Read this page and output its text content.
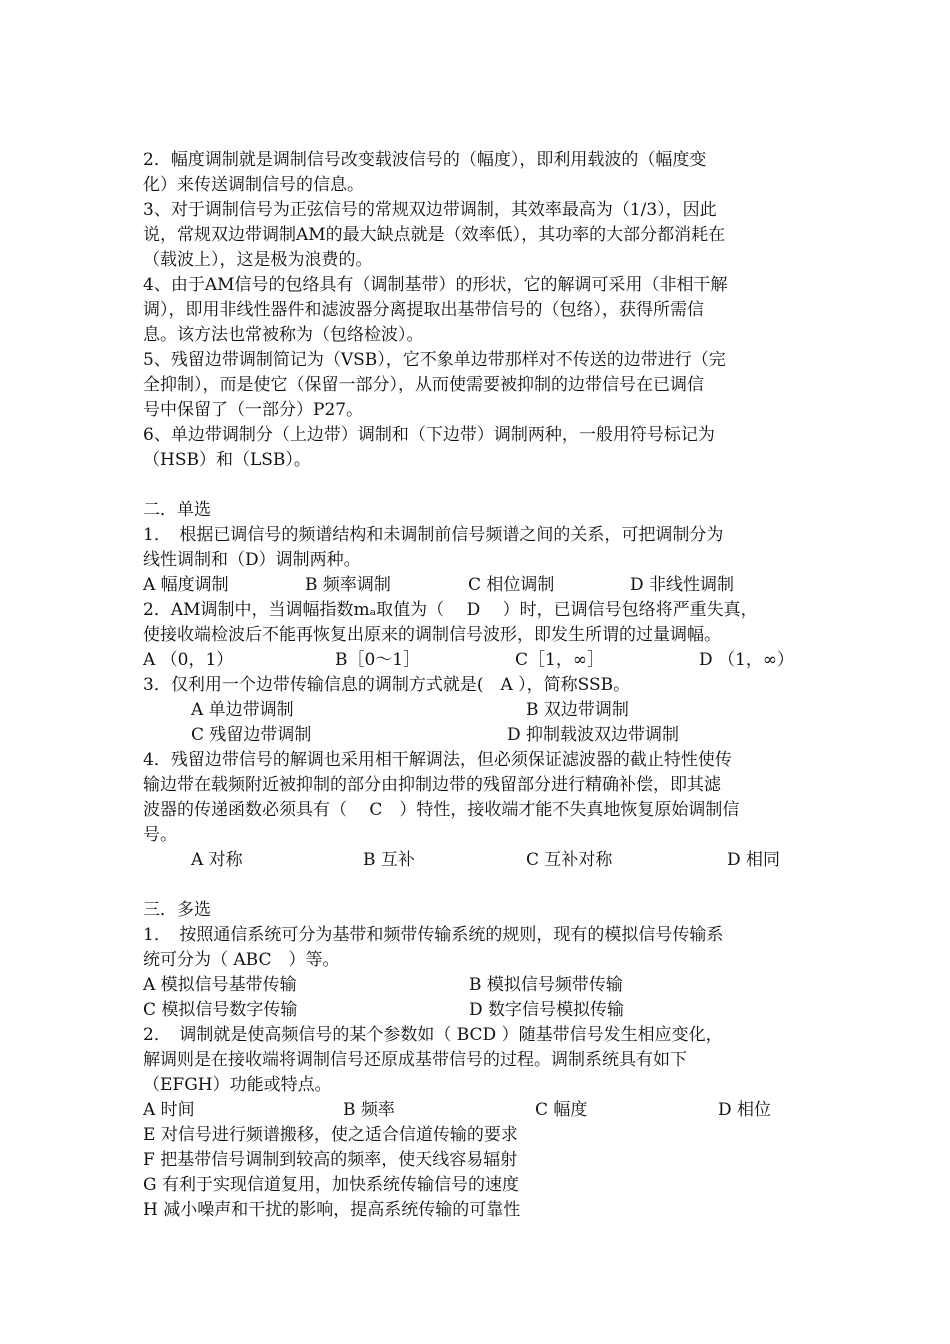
2．幅度调制就是调制信号改变载波信号的（幅度），即利用载波的（幅度变
化）来传送调制信号的信息。
3、对于调制信号为正弦信号的常规双边带调制，其效率最高为（1/3），因此
说，常规双边带调制AM的最大缺点就是（效率低），其功率的大部分都消耗在
（载波上），这是极为浪费的。
4、由于AM信号的包络具有（调制基带）的形状，它的解调可采用（非相干解
调），即用非线性器件和滤波器分离提取出基带信号的（包络），获得所需信
息。该方法也常被称为（包络检波）。
5、残留边带调制简记为（VSB），它不象单边带那样对不传送的边带进行（完
全抑制），而是使它（保留一部分），从而使需要被抑制的边带信号在已调信
号中保留了（一部分）P27。
6、单边带调制分（上边带）调制和（下边带）调制两种，一般用符号标记为
（HSB）和（LSB）。
二．单选
1．　根据已调信号的频谱结构和未调制前信号频谱之间的关系，可把调制分为
线性调制和（D）调制两种。

A 幅度调制

	B 频率调制

	C 相位调制

	D 非线性调制

2．AM调制中，当调幅指数mₐ取值为（　 D　 ）时，已调信号包络将严重失真，
使接收端检波后不能再恢复出原来的调制信号波形，即发生所谓的过量调幅。

A （0，1）

	B［0～1］

	C［1，∞］

	D （1，∞）

3．仅利用一个边带传输信息的调制方式就是(　A ），简称SSB。

A 单边带调制

	B 双边带调制

C 残留边带调制

	D 抑制载波双边带调制

4．残留边带信号的解调也采用相干解调法，但必须保证滤波器的截止特性使传
输边带在载频附近被抑制的部分由抑制边带的残留部分进行精确补偿，即其滤
波器的传递函数必须具有（　 C　）特性，接收端才能不失真地恢复原始调制信
号。

A 对称

	B 互补

	C 互补对称

	D 相同

三．多选
1．　按照通信系统可分为基带和频带传输系统的规则，现有的模拟信号传输系
统可分为（ ABC　）等。

A 模拟信号基带传输

	B 模拟信号频带传输

C 模拟信号数字传输

	D 数字信号模拟传输

2．　调制就是使高频信号的某个参数如（ BCD ）随基带信号发生相应变化，
解调则是在接收端将调制信号还原成基带信号的过程。调制系统具有如下
（EFGH）功能或特点。

A 时间

	B 频率

	C 幅度

	D 相位

E 对信号进行频谱搬移，使之适合信道传输的要求
F 把基带信号调制到较高的频率，使天线容易辐射
G 有利于实现信道复用，加快系统传输信号的速度
H 减小噪声和干扰的影响，提高系统传输的可靠性
